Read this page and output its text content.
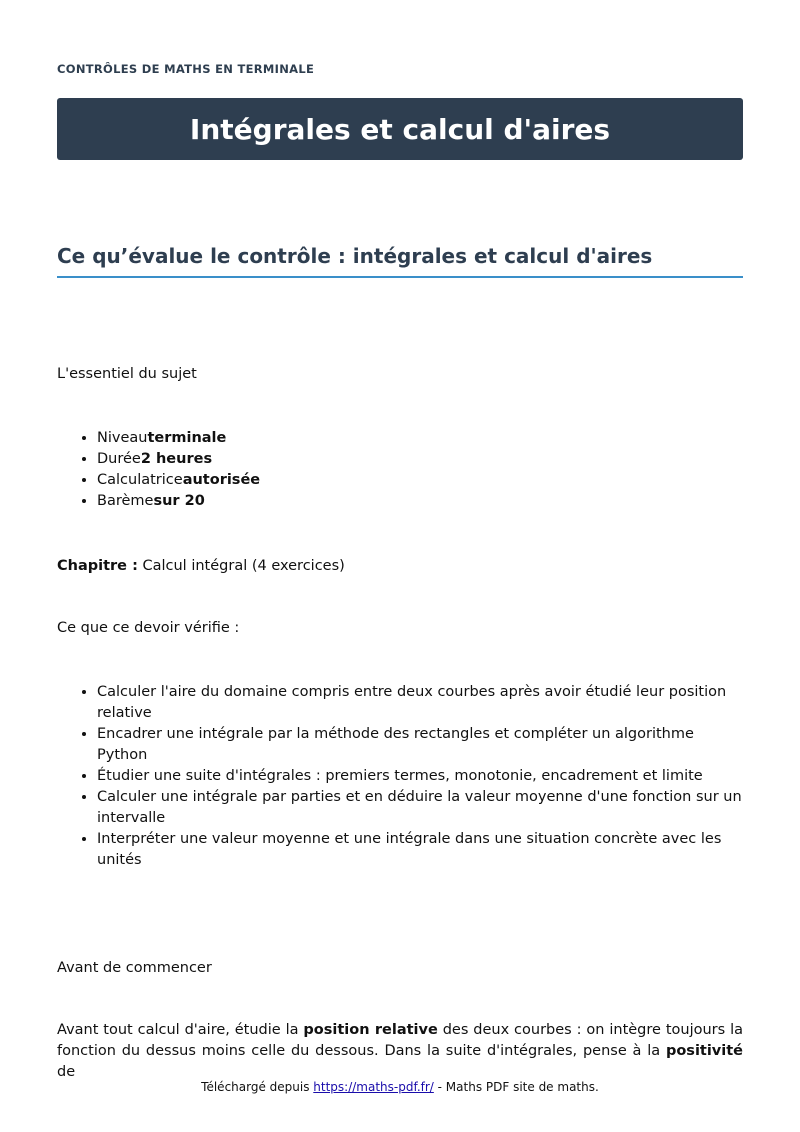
CONTRÔLES DE MATHS EN TERMINALE
Intégrales et calcul d'aires
Ce qu’évalue le contrôle : intégrales et calcul d'aires

L'essentiel du sujet

• Niveauterminale
• Durée2 heures
• Calculatriceautorisée
• Barèmesur 20

Chapitre : Calcul intégral (4 exercices)

Ce que ce devoir vérifie :

• Calculer l'aire du domaine compris entre deux courbes après avoir étudié leur position relative
• Encadrer une intégrale par la méthode des rectangles et compléter un algorithme Python
• Étudier une suite d'intégrales : premiers termes, monotonie, encadrement et limite
• Calculer une intégrale par parties et en déduire la valeur moyenne d'une fonction sur un intervalle
• Interpréter une valeur moyenne et une intégrale dans une situation concrète avec les unités

Avant de commencer

Avant tout calcul d'aire, étudie la position relative des deux courbes : on intègre toujours la fonction du dessus moins celle du dessous. Dans la suite d'intégrales, pense à la positivité de

Téléchargé depuis https://maths-pdf.fr/ - Maths PDF site de maths.
